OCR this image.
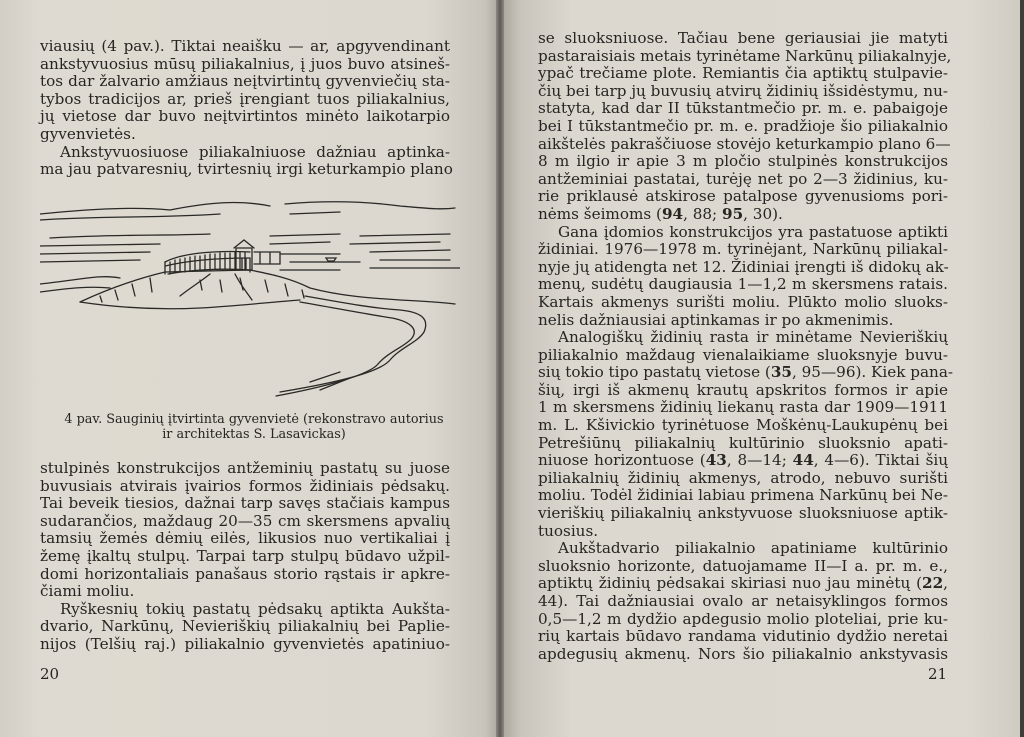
viausių (4 pav.). Tiktai neaišku — ar, apgyvendinant
ankstyvuosius mūsų piliakalnius, į juos buvo atsineš-
tos dar žalvario amžiaus neįtvirtintų gyvenviečių sta-
tybos tradicijos ar, prieš įrengiant tuos piliakalnius,
jų vietose dar buvo neįtvirtintos minėto laikotarpio
gyvenvietės.
Ankstyvuosiuose piliakalniuose dažniau aptinka-
ma jau patvaresnių, tvirtesnių irgi keturkampio plano
4 pav. Sauginių įtvirtinta gyvenvietė (rekonstravo autorius ir architektas S. Lasavickas)
stulpinės konstrukcijos antžeminių pastatų su juose
buvusiais atvirais įvairios formos židiniais pėdsakų.
Tai beveik tiesios, dažnai tarp savęs stačiais kampus
sudarančios, maždaug 20—35 cm skersmens apvalių
tamsių žemės dėmių eilės, likusios nuo vertikaliai į
žemę įkaltų stulpų. Tarpai tarp stulpų būdavo užpil-
domi horizontaliais panašaus storio rąstais ir apkre-
čiami moliu.
Ryškesnių tokių pastatų pėdsakų aptikta Aukšta-
dvario, Narkūnų, Nevieriškių piliakalnių bei Paplie-
nijos (Telšių raj.) piliakalnio gyvenvietės apatiniuo-
20
se sluoksniuose. Tačiau bene geriausiai jie matyti
pastaraisiais metais tyrinėtame Narkūnų piliakalnyje,
ypač trečiame plote. Remiantis čia aptiktų stulpavie-
čių bei tarp jų buvusių atvirų židinių išsidėstymu, nu-
statyta, kad dar II tūkstantmečio pr. m. e. pabaigoje
bei I tūkstantmečio pr. m. e. pradžioje šio piliakalnio
aikštelės pakraščiuose stovėjo keturkampio plano 6—
8 m ilgio ir apie 3 m pločio stulpinės konstrukcijos
antžeminiai pastatai, turėję net po 2—3 židinius, ku-
rie priklausė atskirose patalpose gyvenusioms pori-
nėms šeimoms (94, 88; 95, 30).
Gana įdomios konstrukcijos yra pastatuose aptikti
židiniai. 1976—1978 m. tyrinėjant, Narkūnų piliakal-
nyje jų atidengta net 12. Židiniai įrengti iš didokų ak-
menų, sudėtų daugiausia 1—1,2 m skersmens ratais.
Kartais akmenys surišti moliu. Plūkto molio sluoks-
nelis dažniausiai aptinkamas ir po akmenimis.
Analogiškų židinių rasta ir minėtame Nevieriškių
piliakalnio maždaug vienalaikiame sluoksnyje buvu-
sių tokio tipo pastatų vietose (35, 95—96). Kiek pana-
šių, irgi iš akmenų krautų apskritos formos ir apie
1 m skersmens židinių liekanų rasta dar 1909—1911
m. L. Kšivickio tyrinėtuose Moškėnų-Laukupėnų bei
Petrešiūnų piliakalnių kultūrinio sluoksnio apati-
niuose horizontuose (43, 8—14; 44, 4—6). Tiktai šių
piliakalnių židinių akmenys, atrodo, nebuvo surišti
moliu. Todėl židiniai labiau primena Narkūnų bei Ne-
vieriškių piliakalnių ankstyvuose sluoksniuose aptik-
tuosius.
Aukštadvario piliakalnio apatiniame kultūrinio
sluoksnio horizonte, datuojamame II—I a. pr. m. e.,
aptiktų židinių pėdsakai skiriasi nuo jau minėtų (22,
44). Tai dažniausiai ovalo ar netaisyklingos formos
0,5—1,2 m dydžio apdegusio molio ploteliai, prie ku-
rių kartais būdavo randama vidutinio dydžio neretai
apdegusių akmenų. Nors šio piliakalnio ankstyvasis
21
